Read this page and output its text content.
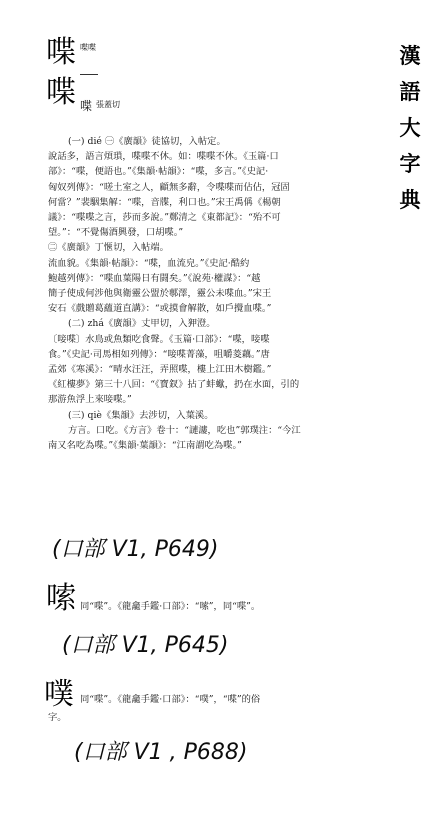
漢
語
大
字
典
喋 喋喋
喋 喋 張蓋切
(一) dié ㊀《廣韻》徒協切，入帖定。
說話多，語言煩瑣，喋喋不休。如：喋喋不休。《玉篇·口
部》：“喋，便語也。”《集韻·帖韻》：“喋，多言。”《史記·
匈奴列傳》：“嗟土室之人，顧無多辭，令喋喋而佔佔，冠固
何當？”裴駰集解：“喋，音牒，利口也。”宋王禹偁《楊朝
議》：“喋喋之言，莎而多說。”鄭清之《東都記》：“殆不可
望。”：“不覺傷酒興發，口胡喋。”
㊁《廣韻》丁愜切，入帖端。
流血貌。《集韻·帖韻》：“喋，血流皃。”《史記·酷約
鮑越列傳》：“喋血葉陽日有闘矣。”《說苑·權謀》：“越
簡子使成何涉他與衛靈公盟於鄟澤，靈公未喋血。”宋王
安石《戲贈葛蘊道直講》：“或摸會解散，如戶攪血喋。”
(二) zhá《廣韻》丈甲切，入狎澄。
〔唼喋〕水鳥或魚類吃食聲。《玉篇·口部》：“喋，唼喋
食。”《史記·司馬相如列傳》：“唼喋菁藻，咀嚼菱藕。”唐
孟郊《寒溪》：“晴水汪汪，弄照喋，樓上江田木樹鑑。”
《紅樓夢》第三十八回：“《寶釵》拈了蚌蠍，扔在水面，引的
那游魚浮上來唼喋。”
(三) qiè《集韻》去涉切，入葉溪。
方言。口吃。《方言》卷十：“謰謱，吃也”郭璞注：“今江
南又名吃為喋。”《集韻·葉韻》：“江南謂吃為喋。”
(口部 V1, P649)
嗦 同“喋”。《龍龕手鑑·口部》：“嗦”，同“喋”。
(口部 V1, P645)
噗 同“喋”。《龍龕手鑑·口部》：“噗”，“喋”的俗
字。
(口部 V1 , P688)
